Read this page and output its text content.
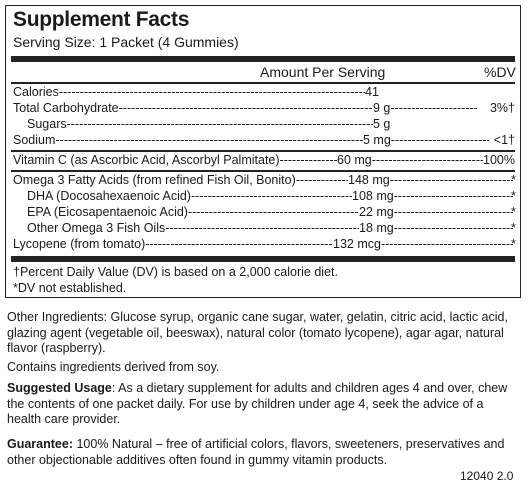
Supplement Facts
Serving Size: 1 Packet (4 Gummies)
Amount Per Serving	%DV
Calories -----	41
Total Carbohydrate -----	9 g -----	3%†
Sugars -----	5 g
Sodium -----	5 mg -----	<1†
Vitamin C (as Ascorbic Acid, Ascorbyl Palmitate) -----	60 mg -----	100%
Omega 3 Fatty Acids (from refined Fish Oil, Bonito) -----	148 mg -----	*
DHA (Docosahexaenoic Acid) -----	108 mg -----	*
EPA (Eicosapentaenoic Acid) -----	22 mg -----	*
Other Omega 3 Fish Oils -----	18 mg -----	*
Lycopene (from tomato) -----	132 mcg -----	*
†Percent Daily Value (DV) is based on a 2,000 calorie diet.
*DV not established.
Other Ingredients: Glucose syrup, organic cane sugar, water, gelatin, citric acid, lactic acid, glazing agent (vegetable oil, beeswax), natural color (tomato lycopene), agar agar, natural flavor (raspberry).
Contains ingredients derived from soy.
Suggested Usage: As a dietary supplement for adults and children ages 4 and over, chew the contents of one packet daily. For use by children under age 4, seek the advice of a health care provider.
Guarantee: 100% Natural – free of artificial colors, flavors, sweeteners, preservatives and other objectionable additives often found in gummy vitamin products.
12040 2.0
